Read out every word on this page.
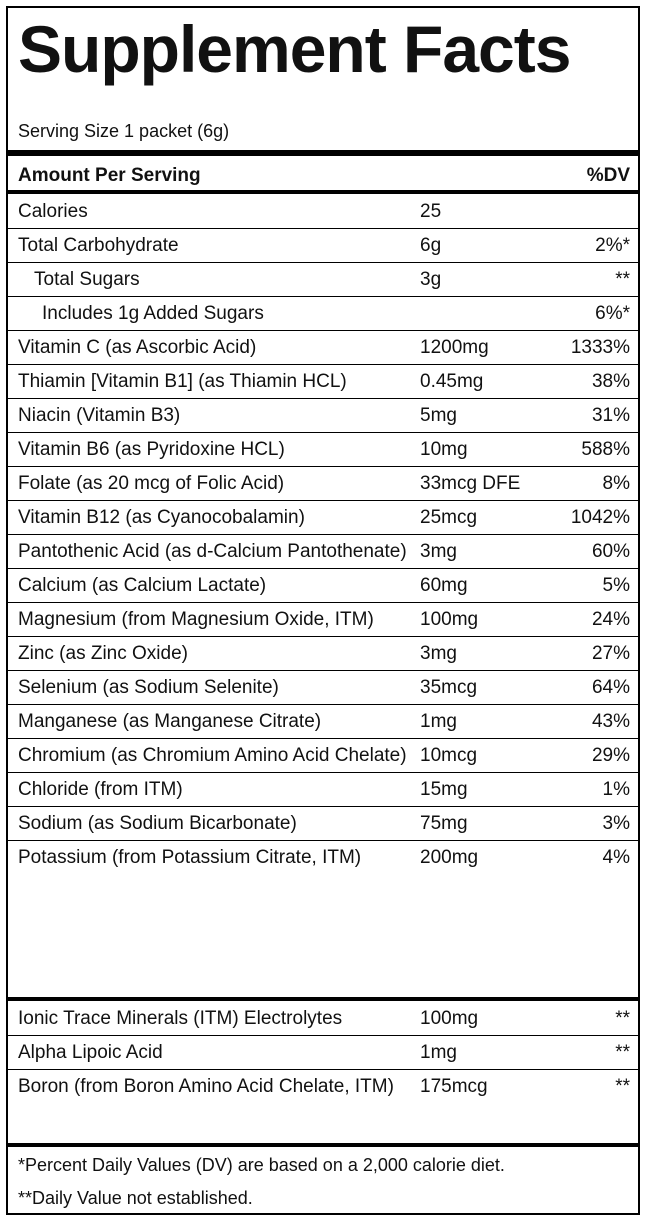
Supplement Facts
Serving Size 1 packet (6g)
Amount Per Serving	%DV
Calories	25	
Total Carbohydrate	6g	2%*
Total Sugars	3g	**
Includes 1g Added Sugars		6%*
Vitamin C (as Ascorbic Acid)	1200mg	1333%
Thiamin [Vitamin B1] (as Thiamin HCL)	0.45mg	38%
Niacin (Vitamin B3)	5mg	31%
Vitamin B6 (as Pyridoxine HCL)	10mg	588%
Folate (as 20 mcg of Folic Acid)	33mcg DFE	8%
Vitamin B12 (as Cyanocobalamin)	25mcg	1042%
Pantothenic Acid (as d-Calcium Pantothenate)	3mg	60%
Calcium (as Calcium Lactate)	60mg	5%
Magnesium (from Magnesium Oxide, ITM)	100mg	24%
Zinc (as Zinc Oxide)	3mg	27%
Selenium (as Sodium Selenite)	35mcg	64%
Manganese (as Manganese Citrate)	1mg	43%
Chromium (as Chromium Amino Acid Chelate)	10mcg	29%
Chloride (from ITM)	15mg	1%
Sodium (as Sodium Bicarbonate)	75mg	3%
Potassium (from Potassium Citrate, ITM)	200mg	4%
Ionic Trace Minerals (ITM) Electrolytes	100mg	**
Alpha Lipoic Acid	1mg	**
Boron (from Boron Amino Acid Chelate, ITM)	175mcg	**
*Percent Daily Values (DV) are based on a 2,000 calorie diet.
**Daily Value not established.
